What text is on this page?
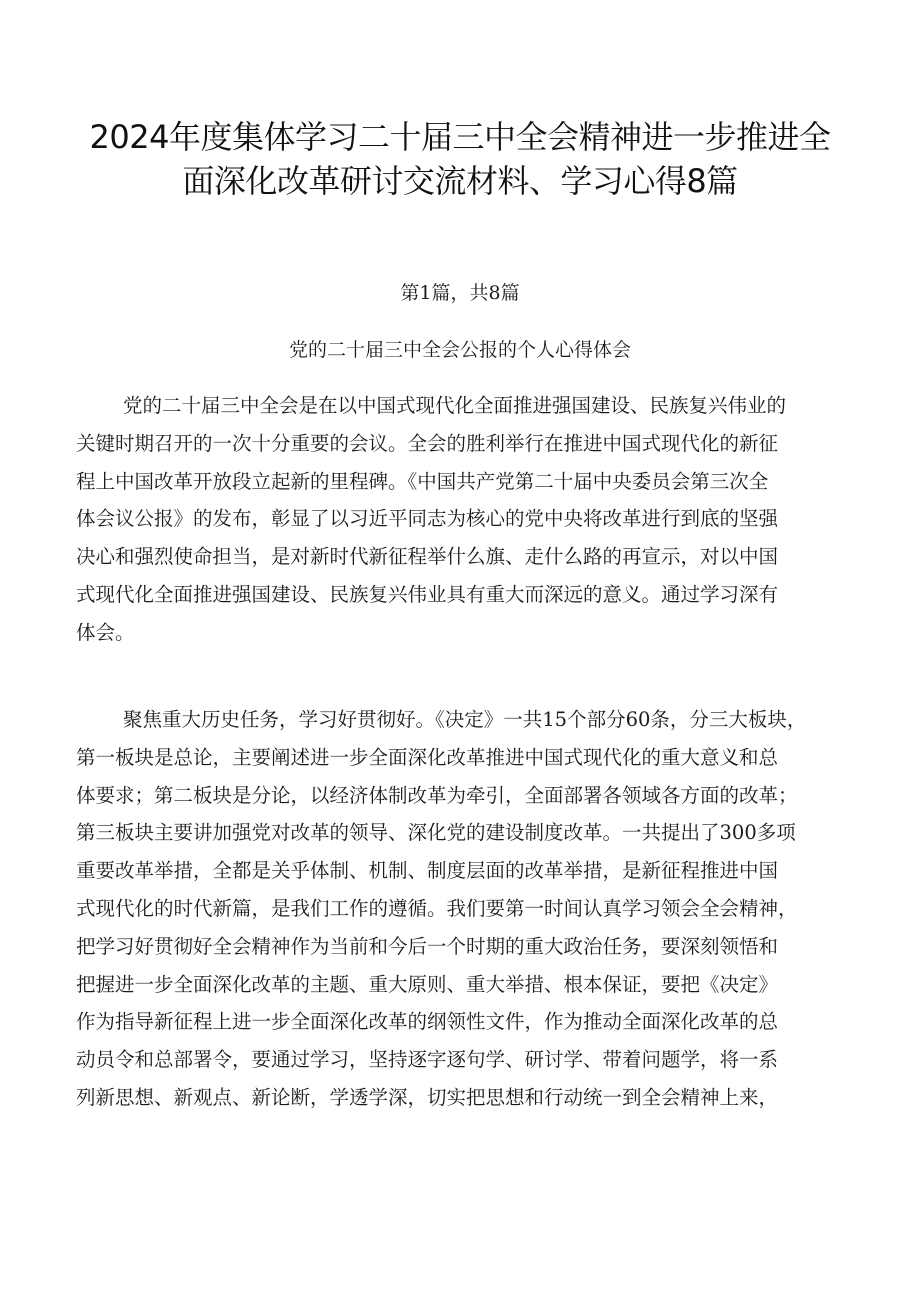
2024年度集体学习二十届三中全会精神进一步推进全
面深化改革研讨交流材料、学习心得8篇
第1篇，共8篇
党的二十届三中全会公报的个人心得体会

党的二十届三中全会是在以中国式现代化全面推进强国建设、民族复兴伟业的
关键时期召开的一次十分重要的会议。全会的胜利举行在推进中国式现代化的新征
程上中国改革开放段立起新的里程碑。《中国共产党第二十届中央委员会第三次全
体会议公报》的发布，彰显了以习近平同志为核心的党中央将改革进行到底的坚强
决心和强烈使命担当，是对新时代新征程举什么旗、走什么路的再宣示，对以中国
式现代化全面推进强国建设、民族复兴伟业具有重大而深远的意义。通过学习深有
体会。

聚焦重大历史任务，学习好贯彻好。《决定》一共15个部分60条，分三大板块，
第一板块是总论，主要阐述进一步全面深化改革推进中国式现代化的重大意义和总
体要求；第二板块是分论，以经济体制改革为牵引，全面部署各领域各方面的改革；
第三板块主要讲加强党对改革的领导、深化党的建设制度改革。一共提出了300多项
重要改革举措，全都是关乎体制、机制、制度层面的改革举措，是新征程推进中国
式现代化的时代新篇，是我们工作的遵循。我们要第一时间认真学习领会全会精神，
把学习好贯彻好全会精神作为当前和今后一个时期的重大政治任务，要深刻领悟和
把握进一步全面深化改革的主题、重大原则、重大举措、根本保证，要把《决定》
作为指导新征程上进一步全面深化改革的纲领性文件，作为推动全面深化改革的总
动员令和总部署令，要通过学习，坚持逐字逐句学、研讨学、带着问题学，将一系
列新思想、新观点、新论断，学透学深，切实把思想和行动统一到全会精神上来，
